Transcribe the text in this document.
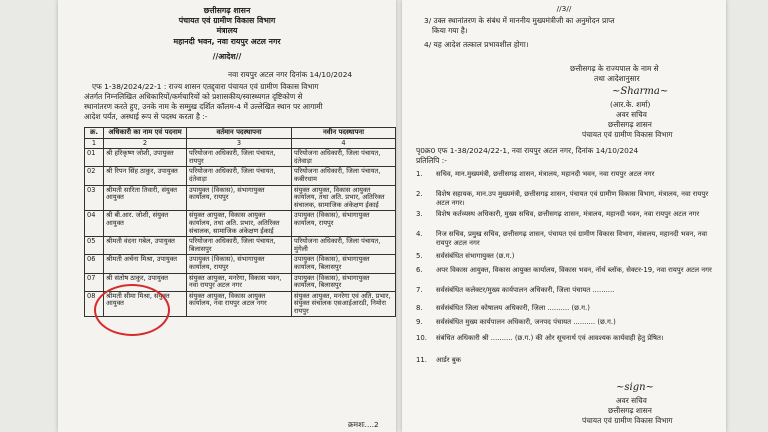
छत्तीसगढ़ शासन
पंचायत एवं ग्रामीण विकास विभाग
मंत्रालय
महानदी भवन, नवा रायपुर अटल नगर
//आदेश//
नवा रायपुर अटल नगर दिनांक 14/10/2024
एफ 1-38/2024/22-1 : राज्य शासन एतद्द्वारा पंचायत एवं ग्रामीण विकास विभाग
अंतर्गत निम्नलिखित अधिकारियों/कर्मचारियों को प्रशासकीय/स्वास्थ्यगत दृष्टिकोण से
स्थानांतरण करते हुए, उनके नाम के सम्मुख दर्शित कॉलम-4 में उल्लेखित स्थान पर आगामी
आदेश पर्यंत, अस्थाई रूप से पदस्थ करता है :-
क्र.	अधिकारी का नाम एवं पदनाम	वर्तमान पदस्थापना	नवीन पदस्थापना
1	2	3	4
01	श्री हरिकृष्ण जोशी, उपायुक्त	परियोजना अधिकारी, जिला पंचायत, रायपुर	परियोजना अधिकारी, जिला पंचायत, दंतेवाड़ा
02	श्री रिपन सिंह ठाकुर, उपायुक्त	परियोजना अधिकारी, जिला पंचायत, दंतेवाड़ा	परियोजना अधिकारी, जिला पंचायत, कबीरधाम
03	श्रीमती सारिता तिवारी, संयुक्त आयुक्त	उपायुक्त (विकास), संभागायुक्त कार्यालय, रायपुर	संयुक्त आयुक्त, विकास आयुक्त कार्यालय, तथा अति. प्रभार, अतिरिक्त संचालक, सामाजिक अंकेक्षण ईकाई
04	श्री बी.आर. जोशी, संयुक्त आयुक्त	संयुक्त आयुक्त, विकास आयुक्त कार्यालय, तथा अति. प्रभार, अतिरिक्त संचालक, सामाजिक अंकेक्षण ईकाई	उपायुक्त (विकास), संभागायुक्त कार्यालय, रायपुर
05	श्रीमती वंदना गबेल, उपायुक्त	परियोजना अधिकारी, जिला पंचायत, बिलासपुर	परियोजना अधिकारी, जिला पंचायत, मुंगेली
06	श्रीमती अर्चना मिश्रा, उपायुक्त	उपायुक्त (विकास), संभागायुक्त कार्यालय, रायपुर	उपायुक्त (विकास), संभागायुक्त कार्यालय, बिलासपुर
07	श्री संतोष ठाकुर, उपायुक्त	संयुक्त आयुक्त, मनरेगा, विकास भवन, नवा रायपुर अटल नगर	उपायुक्त (विकास), संभागायुक्त कार्यालय, बिलासपुर
08	श्रीमती सीमा मिश्रा, संयुक्त आयुक्त	संयुक्त आयुक्त, विकास आयुक्त कार्यालय, नवा रायपुर अटल नगर	संयुक्त आयुक्त, मनरेगा एवं अति. प्रभार, संयुक्त संचालक एसआईआरडी, निमोरा रायपुर
क्रमशः....2
//3//
3/ उक्त स्थानांतरण के संबंध में माननीय मुख्यमंत्रीजी का अनुमोदन प्राप्त
किया गया है।
4/ यह आदेश तत्काल प्रभावशील होगा।
छत्तीसगढ़ के राज्यपाल के नाम से
तथा आदेशानुसार
~Sharma~
(आर.के. शर्मा)
अवर सचिव
छत्तीसगढ़ शासन
पंचायत एवं ग्रामीण विकास विभाग
पृ0क्र0 एफ 1-38/2024/22-1, नवा रायपुर अटल नगर, दिनांक 14/10/2024
प्रतिलिपि :-
1. सचिव, मान.मुख्यमंत्री, छत्तीसगढ़ शासन, मंत्रालय, महानदी भवन, नवा रायपुर अटल नगर
2. विशेष सहायक, मान.उप मुख्यमंत्री, छत्तीसगढ़ शासन, पंचायत एवं ग्रामीण विकास विभाग, मंत्रालय, नवा रायपुर अटल नगर।
3. विशेष कर्तव्यस्थ अधिकारी, मुख्य सचिव, छत्तीसगढ़ शासन, मंत्रालय, महानदी भवन, नवा रायपुर अटल नगर
4. निज सचिव, प्रमुख सचिव, छत्तीसगढ़ शासन, पंचायत एवं ग्रामीण विकास विभाग, मंत्रालय, महानदी भवन, नवा रायपुर अटल नगर
5. सर्वसंबंधित संभागायुक्त (छ.ग.)
6. अपर विकास आयुक्त, विकास आयुक्त कार्यालय, विकास भवन, नॉर्थ ब्लॉक, सेक्टर-19, नवा रायपुर अटल नगर
7. सर्वसंबंधित कलेक्टर/मुख्य कार्यपालन अधिकारी, जिला पंचायत ..........
8. सर्वसंबंधित जिला कोषालय अधिकारी, जिला .......... (छ.ग.)
9. सर्वसंबंधित मुख्य कार्यपालन अधिकारी, जनपद पंचायत .......... (छ.ग.)
10. संबंधित अधिकारी श्री .......... (छ.ग.) की ओर सूचनार्थ एवं आवश्यक कार्यवाही हेतु प्रेषित।
11. आर्डर बुक
~sign~
अवर सचिव
छत्तीसगढ़ शासन
पंचायत एवं ग्रामीण विकास विभाग
